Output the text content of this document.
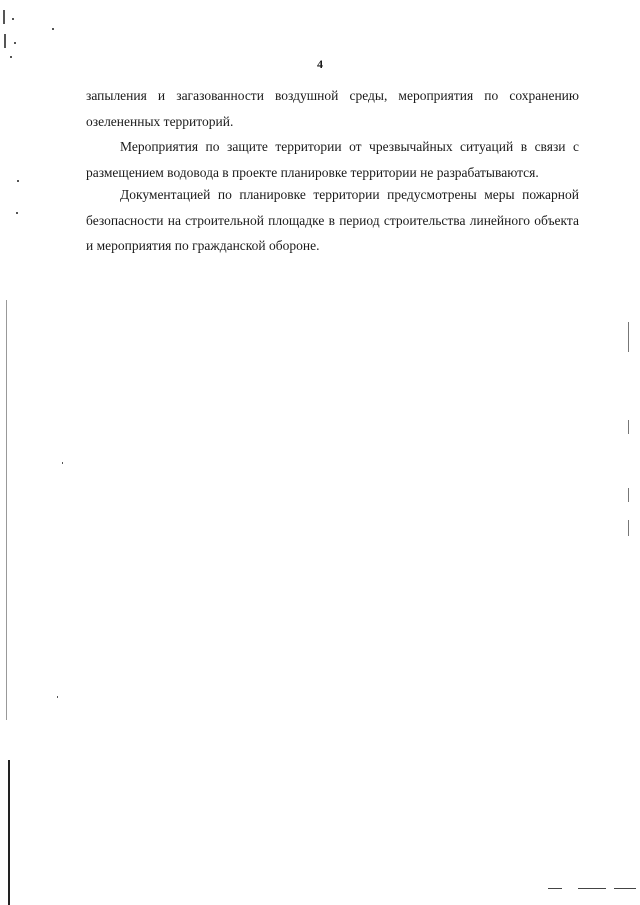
4

запыления и загазованности воздушной среды, мероприятия по сохранению озелененных территорий.

Мероприятия по защите территории от чрезвычайных ситуаций в связи с размещением водовода в проекте планировке территории не разрабатываются.

Документацией по планировке территории предусмотрены меры пожарной безопасности на строительной площадке в период строительства линейного объекта и мероприятия по гражданской обороне.
